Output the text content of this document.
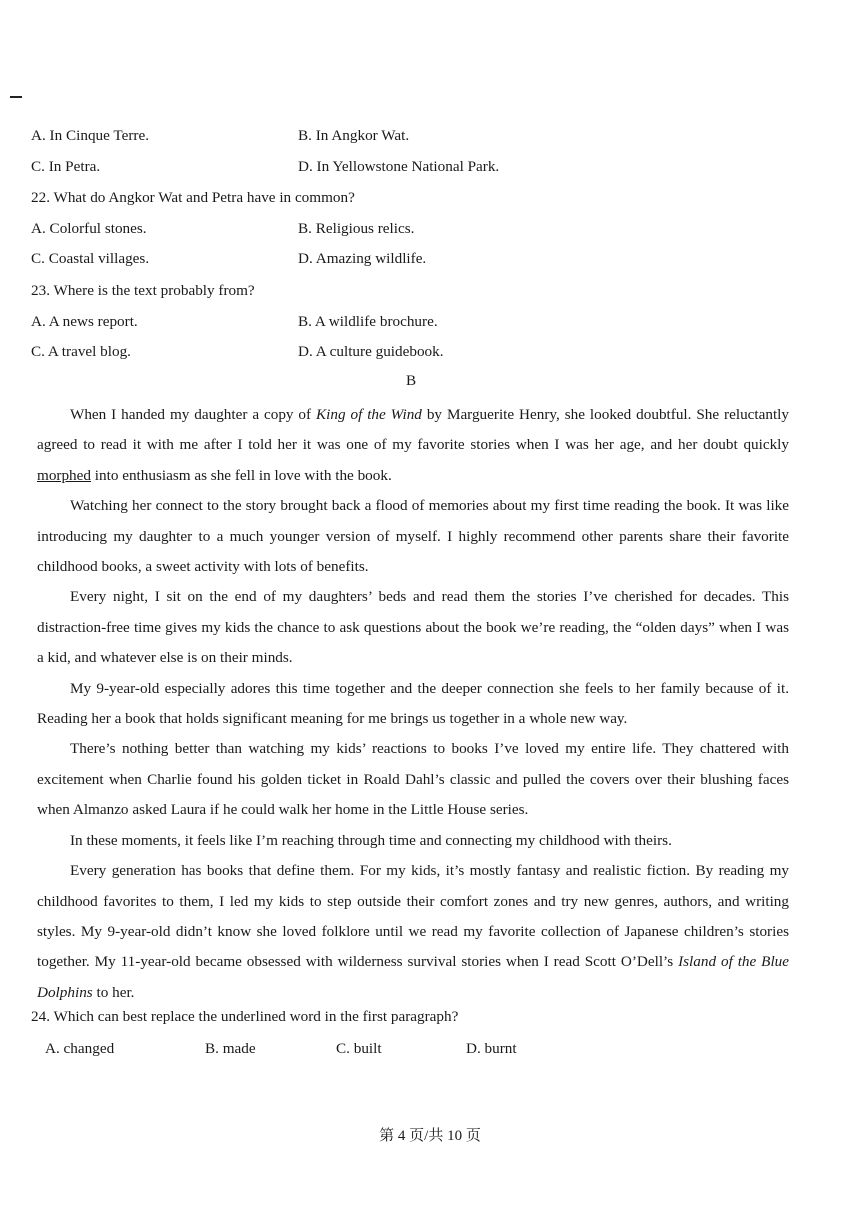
A. In Cinque Terre.	B. In Angkor Wat.
C. In Petra.	D. In Yellowstone National Park.
22. What do Angkor Wat and Petra have in common?
A. Colorful stones.	B. Religious relics.
C. Coastal villages.	D. Amazing wildlife.
23. Where is the text probably from?
A. A news report.	B. A wildlife brochure.
C. A travel blog.	D. A culture guidebook.
B

When I handed my daughter a copy of King of the Wind by Marguerite Henry, she looked doubtful. She reluctantly agreed to read it with me after I told her it was one of my favorite stories when I was her age, and her doubt quickly morphed into enthusiasm as she fell in love with the book.

Watching her connect to the story brought back a flood of memories about my first time reading the book. It was like introducing my daughter to a much younger version of myself. I highly recommend other parents share their favorite childhood books, a sweet activity with lots of benefits.

Every night, I sit on the end of my daughters’ beds and read them the stories I’ve cherished for decades. This distraction-free time gives my kids the chance to ask questions about the book we’re reading, the “olden days” when I was a kid, and whatever else is on their minds.

My 9-year-old especially adores this time together and the deeper connection she feels to her family because of it. Reading her a book that holds significant meaning for me brings us together in a whole new way.

There’s nothing better than watching my kids’ reactions to books I’ve loved my entire life. They chattered with excitement when Charlie found his golden ticket in Roald Dahl’s classic and pulled the covers over their blushing faces when Almanzo asked Laura if he could walk her home in the Little House series.

In these moments, it feels like I’m reaching through time and connecting my childhood with theirs.

Every generation has books that define them. For my kids, it’s mostly fantasy and realistic fiction. By reading my childhood favorites to them, I led my kids to step outside their comfort zones and try new genres, authors, and writing styles. My 9-year-old didn’t know she loved folklore until we read my favorite collection of Japanese children’s stories together. My 11-year-old became obsessed with wilderness survival stories when I read Scott O’Dell’s Island of the Blue Dolphins to her.

24. Which can best replace the underlined word in the first paragraph?
A. changed	B. made	C. built	D. burnt
第 4 页/共 10 页
